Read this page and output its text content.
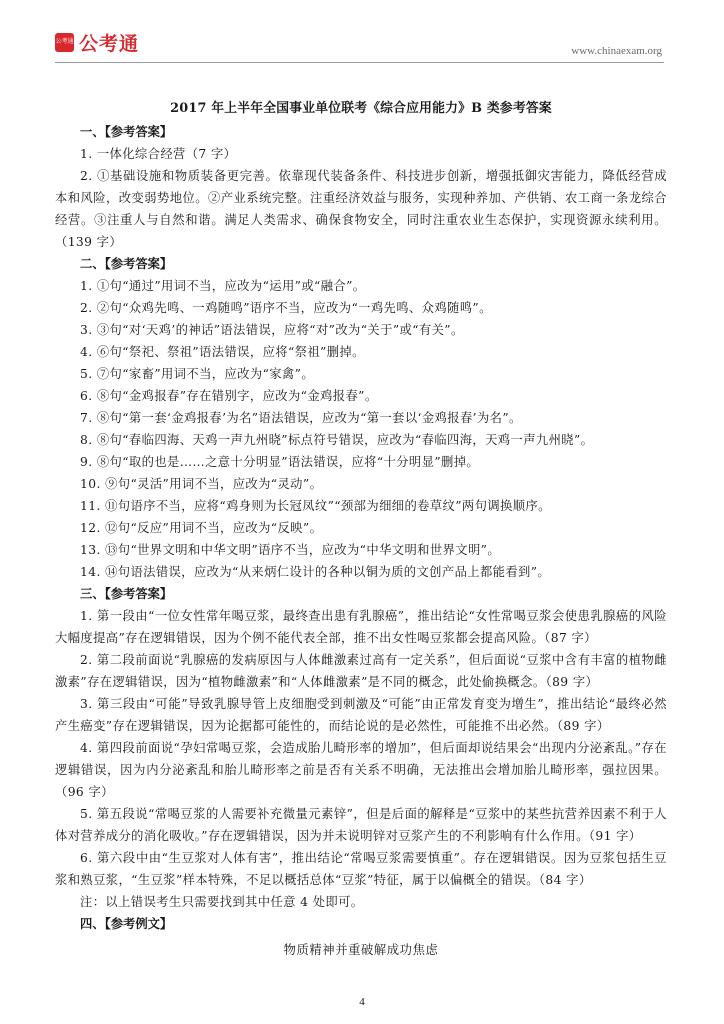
公考通 公考通	www.chinaexam.org
2017 年上半年全国事业单位联考《综合应用能力》B 类参考答案
一、【参考答案】
1. 一体化综合经营（7 字）

2. ①基础设施和物质装备更完善。依靠现代装备条件、科技进步创新，增强抵御灾害能力，降低经营成本和风险，改变弱势地位。②产业系统完整。注重经济效益与服务，实现种养加、产供销、农工商一条龙综合经营。③注重人与自然和谐。满足人类需求、确保食物安全，同时注重农业生态保护，实现资源永续利用。（139 字）

二、【参考答案】
1. ①句“通过”用词不当，应改为“运用”或“融合”。
2. ②句“众鸡先鸣、一鸡随鸣”语序不当，应改为“一鸡先鸣、众鸡随鸣”。
3. ③句“对‘天鸡’的神话”语法错误，应将“对”改为“关于”或“有关”。
4. ⑥句“祭祀、祭祖”语法错误，应将“祭祖”删掉。
5. ⑦句“家畜”用词不当，应改为“家禽”。
6. ⑧句“金鸡报春”存在错别字，应改为“金鸡报春”。
7. ⑧句“第一套‘金鸡报春’为名”语法错误，应改为“第一套以‘金鸡报春’为名”。
8. ⑧句“春临四海、天鸡一声九州晓”标点符号错误，应改为“春临四海，天鸡一声九州晓”。
9. ⑧句“取的也是……之意十分明显”语法错误，应将“十分明显”删掉。
10. ⑨句“灵活”用词不当，应改为“灵动”。
11. ⑪句语序不当，应将“鸡身则为长冠凤纹”“颈部为细细的卷草纹”两句调换顺序。
12. ⑫句“反应”用词不当，应改为“反映”。
13. ⑬句“世界文明和中华文明”语序不当，应改为“中华文明和世界文明”。
14. ⑭句语法错误，应改为“从来炳仁设计的各种以铜为质的文创产品上都能看到”。
三、【参考答案】

1. 第一段由“一位女性常年喝豆浆，最终查出患有乳腺癌”，推出结论“女性常喝豆浆会使患乳腺癌的风险大幅度提高”存在逻辑错误，因为个例不能代表全部，推不出女性喝豆浆都会提高风险。（87 字）

2. 第二段前面说“乳腺癌的发病原因与人体雌激素过高有一定关系”，但后面说“豆浆中含有丰富的植物雌激素”存在逻辑错误，因为“植物雌激素”和“人体雌激素”是不同的概念，此处偷换概念。（89 字）

3. 第三段由“可能”导致乳腺导管上皮细胞受到刺激及“可能”由正常发育变为增生”，推出结论“最终必然产生癌变”存在逻辑错误，因为论据都可能性的，而结论说的是必然性，可能推不出必然。（89 字）

4. 第四段前面说“孕妇常喝豆浆，会造成胎儿畸形率的增加”，但后面却说结果会“出现内分泌紊乱。”存在逻辑错误，因为内分泌紊乱和胎儿畸形率之前是否有关系不明确，无法推出会增加胎儿畸形率，强拉因果。（96 字）

5. 第五段说“常喝豆浆的人需要补充微量元素锌”，但是后面的解释是“豆浆中的某些抗营养因素不利于人体对营养成分的消化吸收。”存在逻辑错误，因为并未说明锌对豆浆产生的不利影响有什么作用。（91 字）

6. 第六段中由“生豆浆对人体有害”，推出结论“常喝豆浆需要慎重”。存在逻辑错误。因为豆浆包括生豆浆和熟豆浆，“生豆浆”样本特殊，不足以概括总体“豆浆”特征，属于以偏概全的错误。（84 字）

注：以上错误考生只需要找到其中任意 4 处即可。
四、【参考例文】
物质精神并重破解成功焦虑
4
